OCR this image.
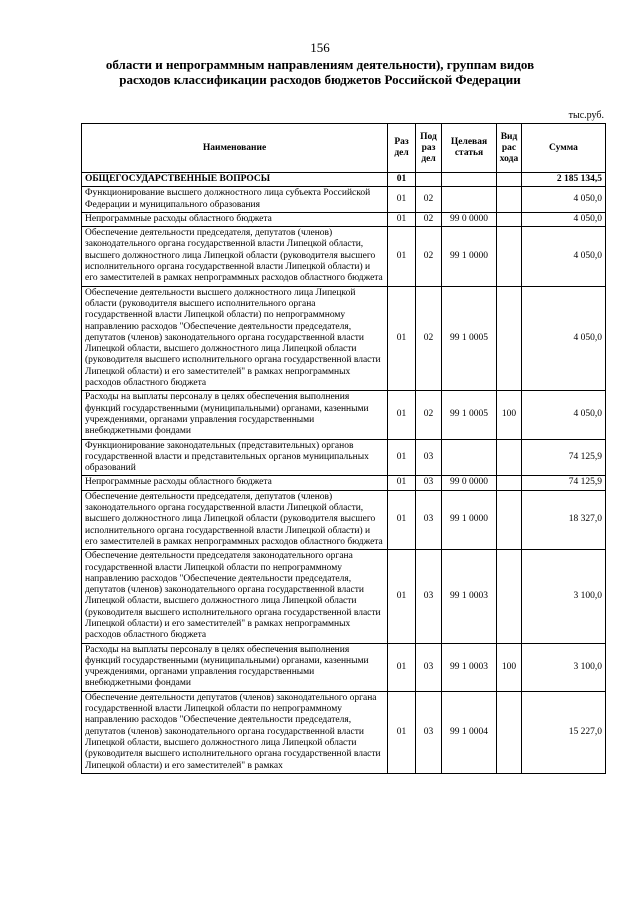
156
области и непрограммным направлениям деятельности), группам видов
расходов классификации расходов бюджетов Российской Федерации
тыс.руб.
Наименование	Раз дел	Под раз дел	Целевая статья	Вид рас хода	Сумма
ОБЩЕГОСУДАРСТВЕННЫЕ ВОПРОСЫ	01				2 185 134,5
Функционирование высшего должностного лица субъекта Российской Федерации и муниципального образования	01	02			4 050,0
Непрограммные расходы областного бюджета	01	02	99 0 0000		4 050,0
Обеспечение деятельности председателя, депутатов (членов) законодательного органа государственной власти Липецкой области, высшего должностного лица Липецкой области (руководителя высшего исполнительного органа государственной власти Липецкой области) и его заместителей в рамках непрограммных расходов областного бюджета	01	02	99 1 0000		4 050,0
Обеспечение деятельности высшего должностного лица Липецкой области (руководителя высшего исполнительного органа государственной власти Липецкой области) по непрограммному направлению расходов "Обеспечение деятельности председателя, депутатов (членов) законодательного органа государственной власти Липецкой области, высшего должностного лица Липецкой области (руководителя высшего исполнительного органа государственной власти Липецкой области) и его заместителей" в рамках непрограммных расходов областного бюджета	01	02	99 1 0005		4 050,0
Расходы на выплаты персоналу в целях обеспечения выполнения функций государственными (муниципальными) органами, казенными учреждениями, органами управления государственными внебюджетными фондами	01	02	99 1 0005	100	4 050,0
Функционирование законодательных (представительных) органов государственной власти и представительных органов муниципальных образований	01	03			74 125,9
Непрограммные расходы областного бюджета	01	03	99 0 0000		74 125,9
Обеспечение деятельности председателя, депутатов (членов) законодательного органа государственной власти Липецкой области, высшего должностного лица Липецкой области (руководителя высшего исполнительного органа государственной власти Липецкой области) и его заместителей в рамках непрограммных расходов областного бюджета	01	03	99 1 0000		18 327,0
Обеспечение деятельности председателя законодательного органа государственной власти Липецкой области по непрограммному направлению расходов "Обеспечение деятельности председателя, депутатов (членов) законодательного органа государственной власти Липецкой области, высшего должностного лица Липецкой области (руководителя высшего исполнительного органа государственной власти Липецкой области) и его заместителей" в рамках непрограммных расходов областного бюджета	01	03	99 1 0003		3 100,0
Расходы на выплаты персоналу в целях обеспечения выполнения функций государственными (муниципальными) органами, казенными учреждениями, органами управления государственными внебюджетными фондами	01	03	99 1 0003	100	3 100,0
Обеспечение деятельности депутатов (членов) законодательного органа государственной власти Липецкой области по непрограммному направлению расходов "Обеспечение деятельности председателя, депутатов (членов) законодательного органа государственной власти Липецкой области, высшего должностного лица Липецкой области (руководителя высшего исполнительного органа государственной власти Липецкой области) и его заместителей" в рамках	01	03	99 1 0004		15 227,0
